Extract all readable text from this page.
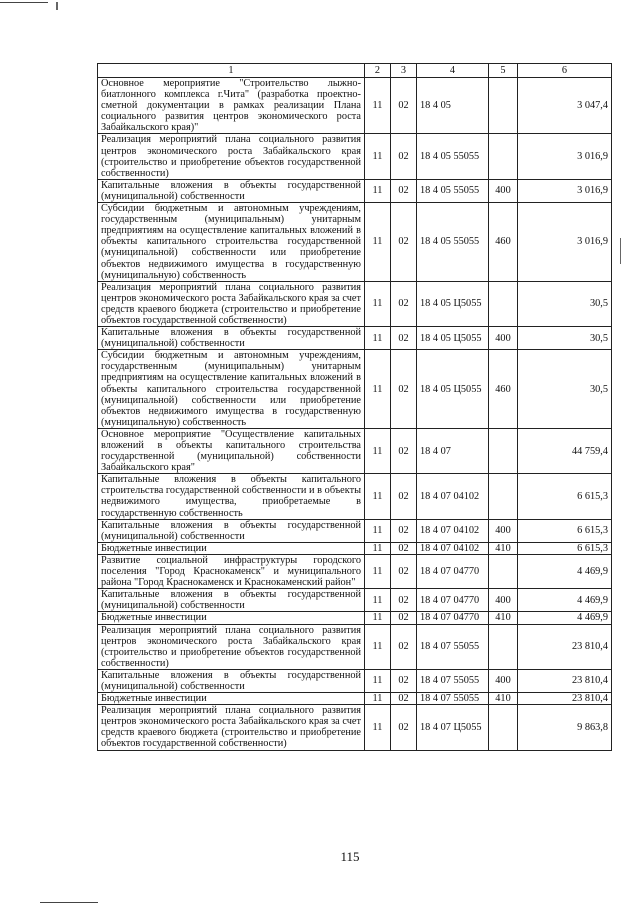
1	2	3	4	5	6
Основное мероприятие "Строительство лыжно-биатлонного комплекса г.Чита" (разработка проектно-сметной документации в рамках реализации Плана социального развития центров экономического роста Забайкальского края)"	11	02	18 4 05		3 047,4
Реализация мероприятий плана социального развития центров экономического роста Забайкальского края (строительство и приобретение объектов государственной собственности)	11	02	18 4 05 55055		3 016,9
Капитальные вложения в объекты государственной (муниципальной) собственности	11	02	18 4 05 55055	400	3 016,9
Субсидии бюджетным и автономным учреждениям, государственным (муниципальным) унитарным предприятиям на осуществление капитальных вложений в объекты капитального строительства государственной (муниципальной) собственности или приобретение объектов недвижимого имущества в государственную (муниципальную) собственность	11	02	18 4 05 55055	460	3 016,9
Реализация мероприятий плана социального развития центров экономического роста Забайкальского края за счет средств краевого бюджета (строительство и приобретение объектов государственной собственности)	11	02	18 4 05 Ц5055		30,5
Капитальные вложения в объекты государственной (муниципальной) собственности	11	02	18 4 05 Ц5055	400	30,5
Субсидии бюджетным и автономным учреждениям, государственным (муниципальным) унитарным предприятиям на осуществление капитальных вложений в объекты капитального строительства государственной (муниципальной) собственности или приобретение объектов недвижимого имущества в государственную (муниципальную) собственность	11	02	18 4 05 Ц5055	460	30,5
Основное мероприятие "Осуществление капитальных вложений в объекты капитального строительства государственной (муниципальной) собственности Забайкальского края"	11	02	18 4 07		44 759,4
Капитальные вложения в объекты капитального строительства государственной собственности и в объекты недвижимого имущества, приобретаемые в государственную собственность	11	02	18 4 07 04102		6 615,3
Капитальные вложения в объекты государственной (муниципальной) собственности	11	02	18 4 07 04102	400	6 615,3
Бюджетные инвестиции	11	02	18 4 07 04102	410	6 615,3
Развитие социальной инфраструктуры городского поселения "Город Краснокаменск" и муниципального района "Город Краснокаменск и Краснокаменский район"	11	02	18 4 07 04770		4 469,9
Капитальные вложения в объекты государственной (муниципальной) собственности	11	02	18 4 07 04770	400	4 469,9
Бюджетные инвестиции	11	02	18 4 07 04770	410	4 469,9
Реализация мероприятий плана социального развития центров экономического роста Забайкальского края (строительство и приобретение объектов государственной собственности)	11	02	18 4 07 55055		23 810,4
Капитальные вложения в объекты государственной (муниципальной) собственности	11	02	18 4 07 55055	400	23 810,4
Бюджетные инвестиции	11	02	18 4 07 55055	410	23 810,4
Реализация мероприятий плана социального развития центров экономического роста Забайкальского края за счет средств краевого бюджета (строительство и приобретение объектов государственной собственности)	11	02	18 4 07 Ц5055		9 863,8
115
